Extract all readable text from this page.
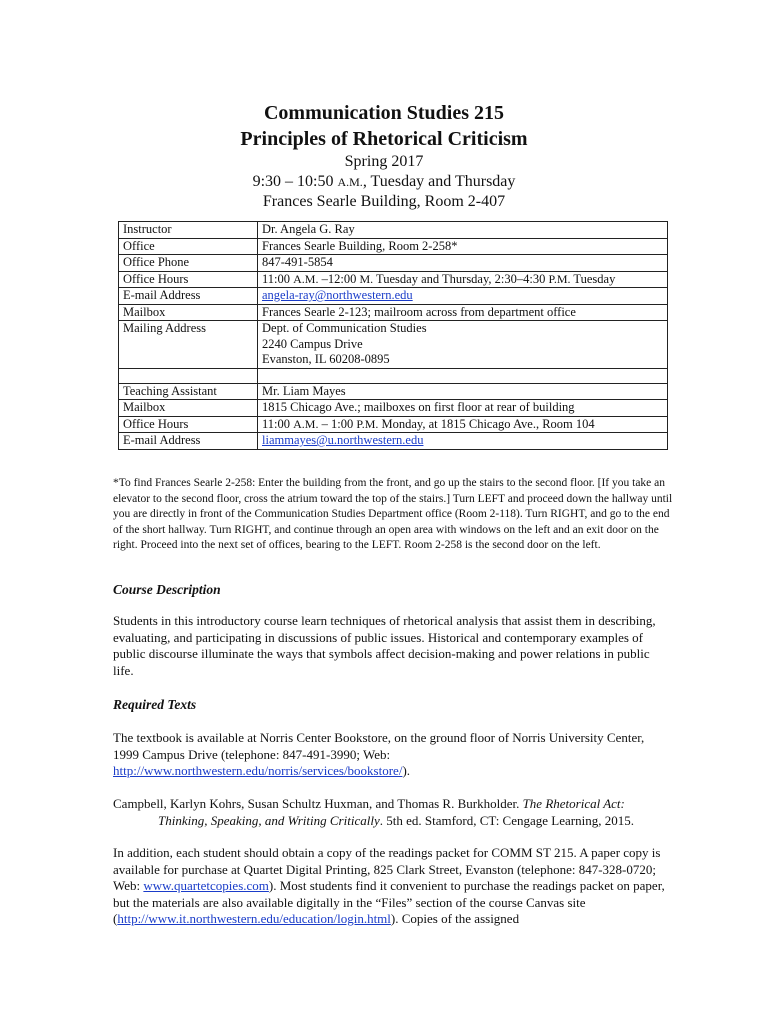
Communication Studies 215
Principles of Rhetorical Criticism
Spring 2017
9:30 – 10:50 A.M., Tuesday and Thursday
Frances Searle Building, Room 2-407
Instructor	Dr. Angela G. Ray
Office	Frances Searle Building, Room 2-258*
Office Phone	847-491-5854
Office Hours	11:00 A.M. –12:00 M. Tuesday and Thursday, 2:30–4:30 P.M. Tuesday
E-mail Address	angela-ray@northwestern.edu
Mailbox	Frances Searle 2-123; mailroom across from department office
Mailing Address	Dept. of Communication Studies
2240 Campus Drive
Evanston, IL 60208-0895

Teaching Assistant	Mr. Liam Mayes
Mailbox	1815 Chicago Ave.; mailboxes on first floor at rear of building
Office Hours	11:00 A.M. – 1:00 P.M. Monday, at 1815 Chicago Ave., Room 104
E-mail Address	liammayes@u.northwestern.edu
*To find Frances Searle 2-258: Enter the building from the front, and go up the stairs to the second floor. [If you take an elevator to the second floor, cross the atrium toward the top of the stairs.] Turn LEFT and proceed down the hallway until you are directly in front of the Communication Studies Department office (Room 2-118). Turn RIGHT, and go to the end of the short hallway. Turn RIGHT, and continue through an open area with windows on the left and an exit door on the right. Proceed into the next set of offices, bearing to the LEFT. Room 2-258 is the second door on the left.
Course Description
Students in this introductory course learn techniques of rhetorical analysis that assist them in describing, evaluating, and participating in discussions of public issues. Historical and contemporary examples of public discourse illuminate the ways that symbols affect decision-making and power relations in public life.
Required Texts
The textbook is available at Norris Center Bookstore, on the ground floor of Norris University Center, 1999 Campus Drive (telephone: 847-491-3990; Web: http://www.northwestern.edu/norris/services/bookstore/).
Campbell, Karlyn Kohrs, Susan Schultz Huxman, and Thomas R. Burkholder. The Rhetorical Act:
Thinking, Speaking, and Writing Critically. 5th ed. Stamford, CT: Cengage Learning, 2015.
In addition, each student should obtain a copy of the readings packet for COMM ST 215. A paper copy is available for purchase at Quartet Digital Printing, 825 Clark Street, Evanston (telephone: 847-328-0720; Web: www.quartetcopies.com). Most students find it convenient to purchase the readings packet on paper, but the materials are also available digitally in the “Files” section of the course Canvas site (http://www.it.northwestern.edu/education/login.html). Copies of the assigned
